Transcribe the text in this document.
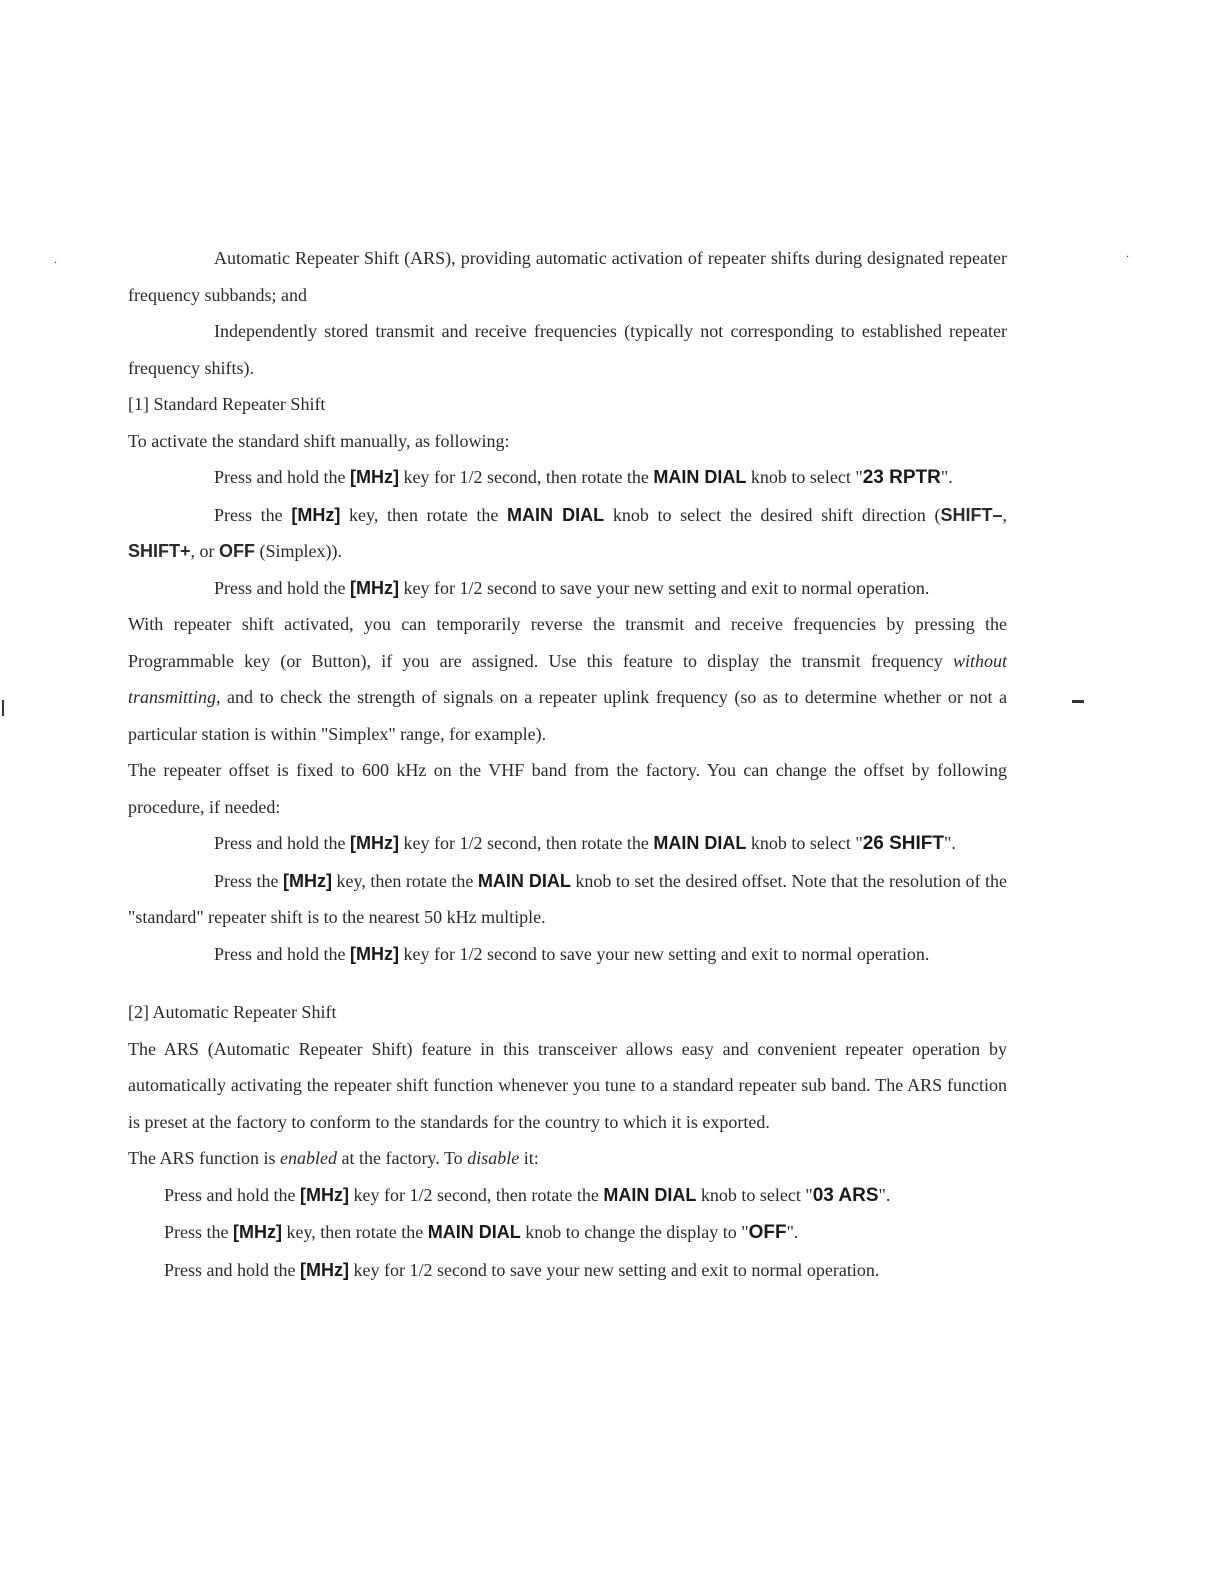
·
·

Automatic Repeater Shift (ARS), providing automatic activation of repeater shifts during designated repeater frequency subbands; and

Independently stored transmit and receive frequencies (typically not corresponding to established repeater frequency shifts).

[1] Standard Repeater Shift

To activate the standard shift manually, as following:

Press and hold the [MHz] key for 1/2 second, then rotate the MAIN DIAL knob to select "23 RPTR".

Press the [MHz] key, then rotate the MAIN DIAL knob to select the desired shift direction (SHIFT–, SHIFT+, or OFF (Simplex)).

Press and hold the [MHz] key for 1/2 second to save your new setting and exit to normal operation.

With repeater shift activated, you can temporarily reverse the transmit and receive frequencies by pressing the Programmable key (or Button), if you are assigned. Use this feature to display the transmit frequency without transmitting, and to check the strength of signals on a repeater uplink frequency (so as to determine whether or not a particular station is within "Simplex" range, for example).

The repeater offset is fixed to 600 kHz on the VHF band from the factory. You can change the offset by following procedure, if needed:

Press and hold the [MHz] key for 1/2 second, then rotate the MAIN DIAL knob to select "26 SHIFT".

Press the [MHz] key, then rotate the MAIN DIAL knob to set the desired offset. Note that the resolution of the "standard" repeater shift is to the nearest 50 kHz multiple.

Press and hold the [MHz] key for 1/2 second to save your new setting and exit to normal operation.

[2] Automatic Repeater Shift

The ARS (Automatic Repeater Shift) feature in this transceiver allows easy and convenient repeater operation by automatically activating the repeater shift function whenever you tune to a standard repeater sub band. The ARS function is preset at the factory to conform to the standards for the country to which it is exported.

The ARS function is enabled at the factory. To disable it:

Press and hold the [MHz] key for 1/2 second, then rotate the MAIN DIAL knob to select "03 ARS".

Press the [MHz] key, then rotate the MAIN DIAL knob to change the display to "OFF".

Press and hold the [MHz] key for 1/2 second to save your new setting and exit to normal operation.
